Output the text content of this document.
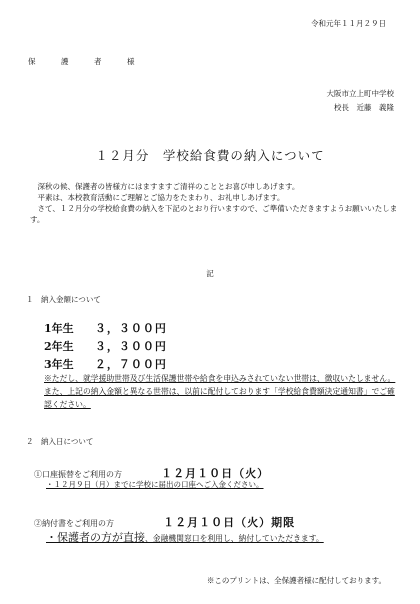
令和元年１１月２９日
保　護　者　様
大阪市立上町中学校
校長　近藤　義隆
１２月分　学校給食費の納入について

深秋の候、保護者の皆様方にはますますご清祥のこととお喜び申しあげます。

平素は、本校教育活動にご理解とご協力をたまわり、お礼申しあげます。

さて、１２月分の学校給食費の納入を下記のとおり行いますので、ご準備いただきますようお願いいたします。

記
１　納入金額について
1年生 ３，３００円
2年生 ３，３００円
3年生 ２，７００円
※ただし、就学援助世帯及び生活保護世帯や給食を申込みされていない世帯は、徴収いたしません。また、上記の納入金額と異なる世帯は、以前に配付しております「学校給食費額決定通知書」でご確認ください。
２　納入日について
①口座振替をご利用の方	１２月１０日（火）
・１２月９日（月）までに学校に届出の口座へご入金ください。
②納付書をご利用の方	１２月１０日（火）期限
・保護者の方が直接、金融機関窓口を利用し、納付していただきます。
※このプリントは、全保護者様に配付しております。
